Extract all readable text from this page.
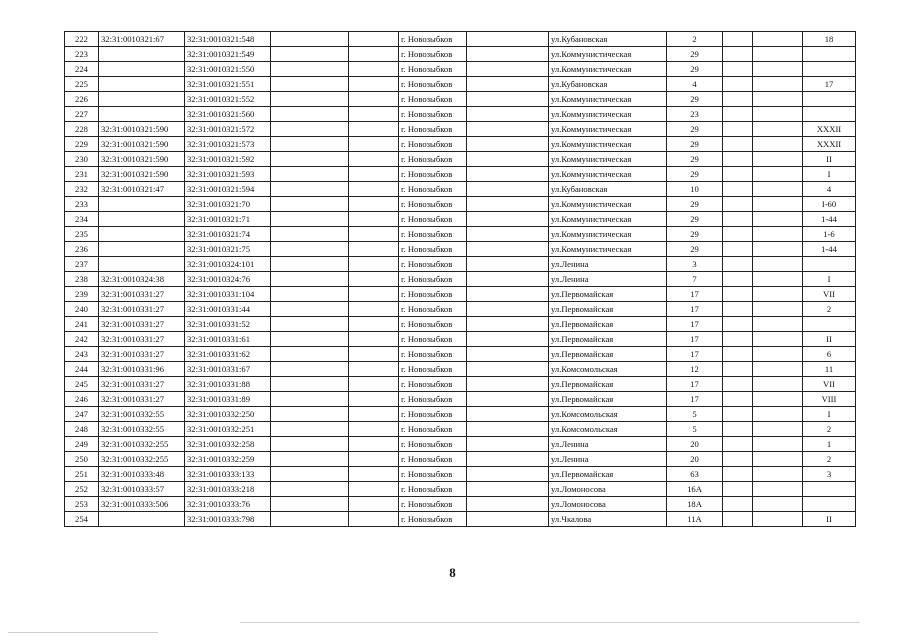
222	32:31:0010321:67	32:31:0010321:548			г. Новозыбков		ул.Кубановская	2			18
223		32:31:0010321:549			г. Новозыбков		ул.Коммунистическая	29			
224		32:31:0010321:550			г. Новозыбков		ул.Коммунистическая	29			
225		32:31:0010321:551			г. Новозыбков		ул.Кубановская	4			17
226		32:31:0010321:552			г. Новозыбков		ул.Коммунистическая	29			
227		32:31:0010321:560			г. Новозыбков		ул.Коммунистическая	23			
228	32:31:0010321:590	32:31:0010321:572			г. Новозыбков		ул.Коммунистическая	29			XXXII
229	32:31:0010321:590	32:31:0010321:573			г. Новозыбков		ул.Коммунистическая	29			XXXII
230	32:31:0010321:590	32:31:0010321:592			г. Новозыбков		ул.Коммунистическая	29			II
231	32:31:0010321:590	32:31:0010321:593			г. Новозыбков		ул.Коммунистическая	29			I
232	32:31:0010321:47	32:31:0010321:594			г. Новозыбков		ул.Кубановская	10			4
233		32:31:0010321:70			г. Новозыбков		ул.Коммунистическая	29			I-60
234		32:31:0010321:71			г. Новозыбков		ул.Коммунистическая	29			1-44
235		32:31:0010321:74			г. Новозыбков		ул.Коммунистическая	29			1-6
236		32:31:0010321:75			г. Новозыбков		ул.Коммунистическая	29			1-44
237		32:31:0010324:101			г. Новозыбков		ул.Ленина	3			
238	32:31:0010324:38	32:31:0010324:76			г. Новозыбков		ул.Ленина	7			I
239	32:31:0010331:27	32:31:0010331:104			г. Новозыбков		ул.Первомайская	17			VII
240	32:31:0010331:27	32:31:0010331:44			г. Новозыбков		ул.Первомайская	17			2
241	32:31:0010331:27	32:31:0010331:52			г. Новозыбков		ул.Первомайская	17			
242	32:31:0010331:27	32:31:0010331:61			г. Новозыбков		ул.Первомайская	17			II
243	32:31:0010331:27	32:31:0010331:62			г. Новозыбков		ул.Первомайская	17			6
244	32:31:0010331:96	32:31:0010331:67			г. Новозыбков		ул.Комсомольская	12			11
245	32:31:0010331:27	32:31:0010331:88			г. Новозыбков		ул.Первомайская	17			VII
246	32:31:0010331:27	32:31:0010331:89			г. Новозыбков		ул.Первомайская	17			VIII
247	32:31:0010332:55	32:31:0010332:250			г. Новозыбков		ул.Комсомольская	5			I
248	32:31:0010332:55	32:31:0010332:251			г. Новозыбков		ул.Комсомольская	5			2
249	32:31:0010332:255	32:31:0010332:258			г. Новозыбков		ул.Ленина	20			1
250	32:31:0010332:255	32:31:0010332:259			г. Новозыбков		ул.Ленина	20			2
251	32:31:0010333:48	32:31:0010333:133			г. Новозыбков		ул.Первомайская	63			3
252	32:31:0010333:57	32:31:0010333:218			г. Новозыбков		ул.Ломоносова	16А			
253	32:31:0010333:506	32:31:0010333:76			г. Новозыбков		ул.Ломоносова	18А			
254		32:31:0010333:798			г. Новозыбков		ул.Чкалова	11А			II
8
